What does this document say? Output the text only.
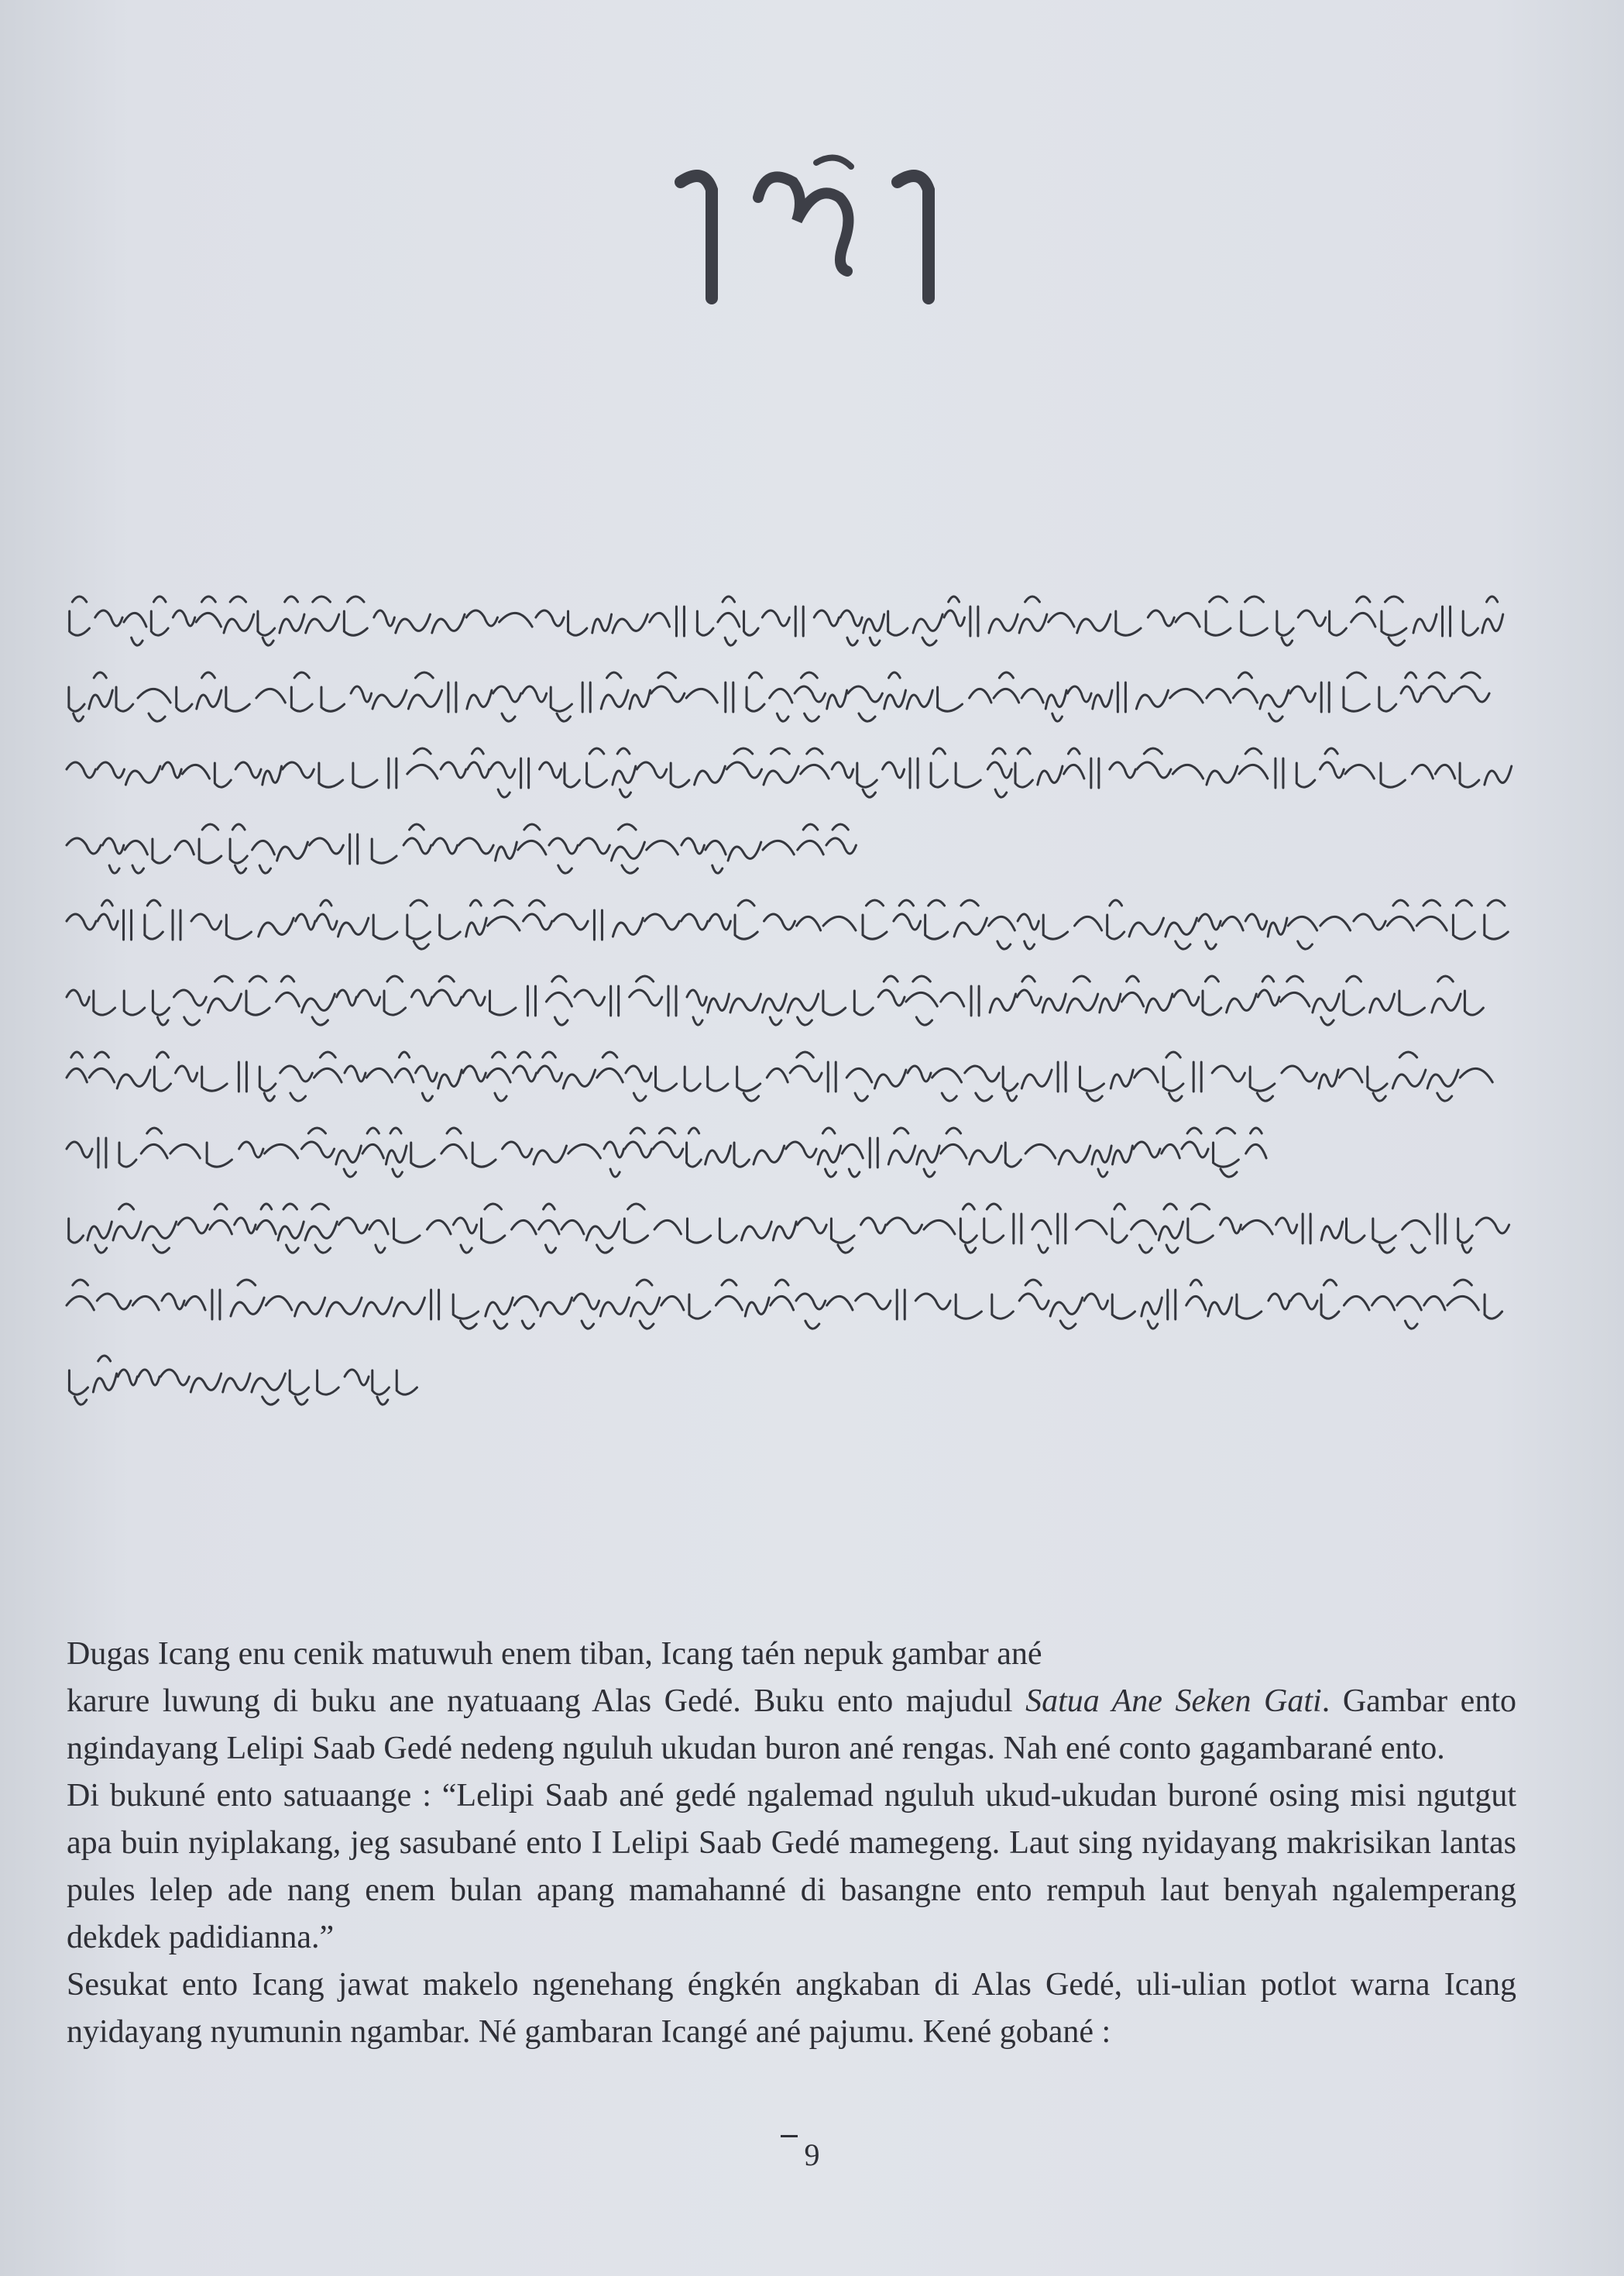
Dugas Icang enu cenik matuwuh enem tiban, Icang taén nepuk gambar ané
karure luwung di buku ane nyatuaang Alas Gedé. Buku ento majudul Satua Ane Seken Gati. Gambar ento ngindayang Lelipi Saab Gedé nedeng nguluh ukudan buron ané rengas. Nah ené conto gagambarané ento.

Di bukuné ento satuaange : “Lelipi Saab ané gedé ngalemad nguluh ukud-ukudan buroné osing misi ngutgut apa buin nyiplakang, jeg sasubané ento I Lelipi Saab Gedé mamegeng. Laut sing nyidayang makrisikan lantas pules lelep ade nang enem bulan apang mamahanné di basangne ento rempuh laut benyah ngalemperang dekdek padidianna.”

Sesukat ento Icang jawat makelo ngenehang éngkén angkaban di Alas Gedé, uli-ulian potlot warna Icang nyidayang nyumunin ngambar. Né gambaran Icangé ané pajumu. Kené gobané :

9
